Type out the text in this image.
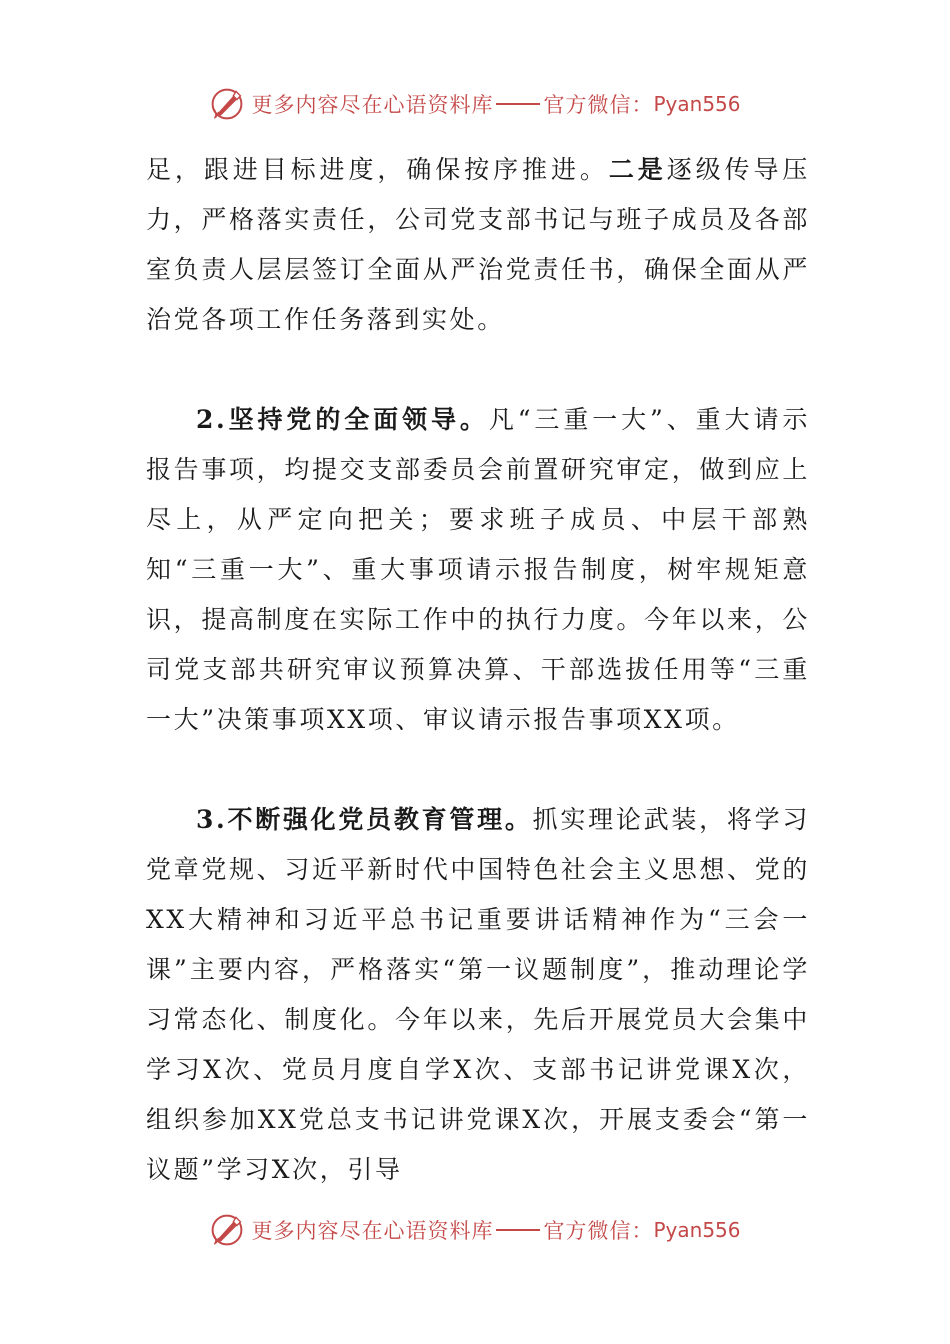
更多内容尽在心语资料库 官方微信： Pyan556

足，跟进目标进度，确保按序推进。二是逐级传导压力，严格落实责任，公司党支部书记与班子成员及各部室负责人层层签订全面从严治党责任书，确保全面从严治党各项工作任务落到实处。

2.坚持党的全面领导。凡“三重一大”、重大请示报告事项，均提交支部委员会前置研究审定，做到应上尽上，从严定向把关；要求班子成员、中层干部熟知“三重一大”、重大事项请示报告制度，树牢规矩意识，提高制度在实际工作中的执行力度。今年以来，公司党支部共研究审议预算决算、干部选拔任用等“三重一大”决策事项XX项、审议请示报告事项XX项。

3.不断强化党员教育管理。抓实理论武装，将学习党章党规、习近平新时代中国特色社会主义思想、党的XX大精神和习近平总书记重要讲话精神作为“三会一课”主要内容，严格落实“第一议题制度”，推动理论学习常态化、制度化。今年以来，先后开展党员大会集中学习X次、党员月度自学X次、支部书记讲党课X次，组织参加XX党总支书记讲党课X次，开展支委会“第一议题”学习X次，引导

更多内容尽在心语资料库 官方微信： Pyan556
